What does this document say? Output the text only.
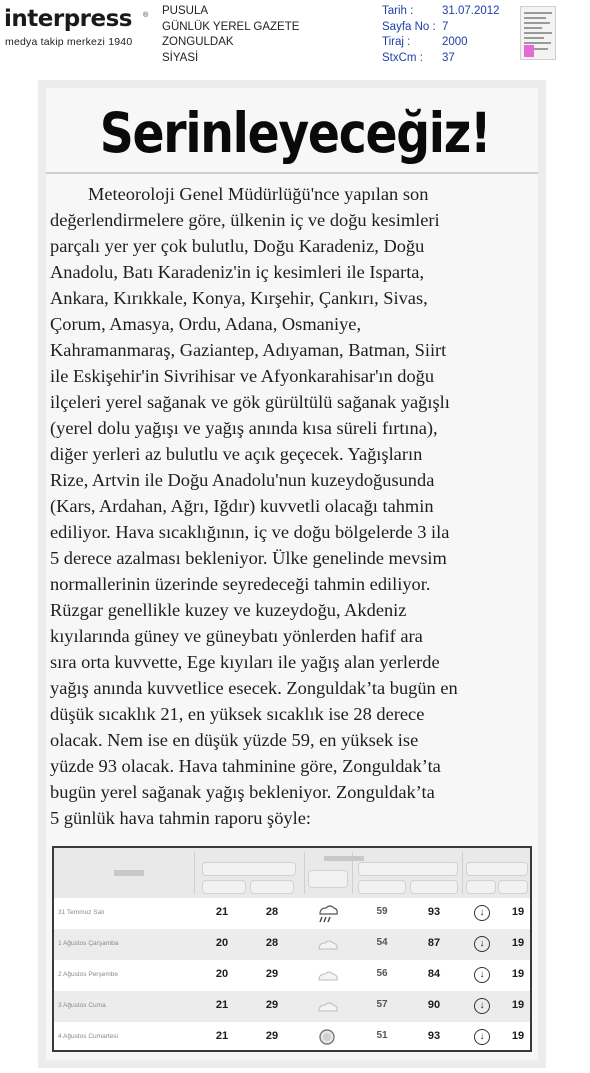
interpress ®
medya takip merkezi 1940
PUSULA
GÜNLÜK YEREL GAZETE
ZONGULDAK
SİYASİ
Tarih :	31.07.2012
Sayfa No : 7
Tiraj :	2000
StxCm :	37
Serinleyeceğiz!
Meteoroloji Genel Müdürlüğü'nce yapılan son
değerlendirmelere göre, ülkenin iç ve doğu kesimleri
parçalı yer yer çok bulutlu, Doğu Karadeniz, Doğu
Anadolu, Batı Karadeniz'in iç kesimleri ile Isparta,
Ankara, Kırıkkale, Konya, Kırşehir, Çankırı, Sivas,
Çorum, Amasya, Ordu, Adana, Osmaniye,
Kahramanmaraş, Gaziantep, Adıyaman, Batman, Siirt
ile Eskişehir'in Sivrihisar ve Afyonkarahisar'ın doğu
ilçeleri yerel sağanak ve gök gürültülü sağanak yağışlı
(yerel dolu yağışı ve yağış anında kısa süreli fırtına),
diğer yerleri az bulutlu ve açık geçecek. Yağışların
Rize, Artvin ile Doğu Anadolu'nun kuzeydoğusunda
(Kars, Ardahan, Ağrı, Iğdır) kuvvetli olacağı tahmin
ediliyor. Hava sıcaklığının, iç ve doğu bölgelerde 3 ila
5 derece azalması bekleniyor. Ülke genelinde mevsim
normallerinin üzerinde seyredeceği tahmin ediliyor.
Rüzgar genellikle kuzey ve kuzeydoğu, Akdeniz
kıyılarında güney ve güneybatı yönlerden hafif ara
sıra orta kuvvette, Ege kıyıları ile yağış alan yerlerde
yağış anında kuvvetlice esecek. Zonguldak’ta bugün en
düşük sıcaklık 21, en yüksek sıcaklık ise 28 derece
olacak. Nem ise en düşük yüzde 59, en yüksek ise
yüzde 93 olacak. Hava tahminine göre, Zonguldak’ta
bugün yerel sağanak yağış bekleniyor. Zonguldak’ta
5 günlük hava tahmin raporu şöyle:
31 Temmuz Salı	21	28	59	93	↓	19
1 Ağustos Çarşamba	20	28	54	87	↓	19
2 Ağustos Perşembe	20	29	56	84	↓	19
3 Ağustos Cuma	21	29	57	90	↓	19
4 Ağustos Cumartesi	21	29	51	93	↓	19
